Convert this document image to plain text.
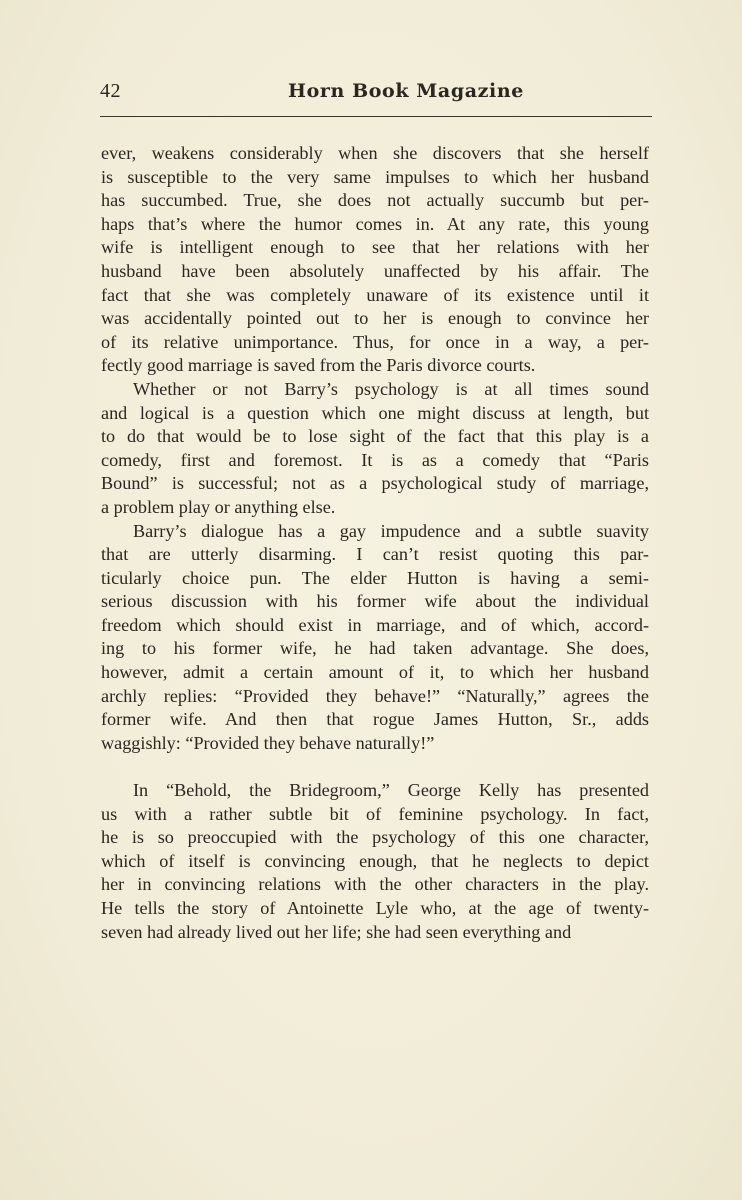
42	Horn Book Magazine
ever, weakens considerably when she discovers that she herself
is susceptible to the very same impulses to which her husband
has succumbed. True, she does not actually succumb but per-
haps that’s where the humor comes in. At any rate, this young
wife is intelligent enough to see that her relations with her
husband have been absolutely unaffected by his affair. The
fact that she was completely unaware of its existence until it
was accidentally pointed out to her is enough to convince her
of its relative unimportance. Thus, for once in a way, a per-
fectly good marriage is saved from the Paris divorce courts.
Whether or not Barry’s psychology is at all times sound
and logical is a question which one might discuss at length, but
to do that would be to lose sight of the fact that this play is a
comedy, first and foremost. It is as a comedy that “Paris
Bound” is successful; not as a psychological study of marriage,
a problem play or anything else.
Barry’s dialogue has a gay impudence and a subtle suavity
that are utterly disarming. I can’t resist quoting this par-
ticularly choice pun. The elder Hutton is having a semi-
serious discussion with his former wife about the individual
freedom which should exist in marriage, and of which, accord-
ing to his former wife, he had taken advantage. She does,
however, admit a certain amount of it, to which her husband
archly replies: “Provided they behave!” “Naturally,” agrees the
former wife. And then that rogue James Hutton, Sr., adds
waggishly: “Provided they behave naturally!”
In “Behold, the Bridegroom,” George Kelly has presented
us with a rather subtle bit of feminine psychology. In fact,
he is so preoccupied with the psychology of this one character,
which of itself is convincing enough, that he neglects to depict
her in convincing relations with the other characters in the play.
He tells the story of Antoinette Lyle who, at the age of twenty-
seven had already lived out her life; she had seen everything and
